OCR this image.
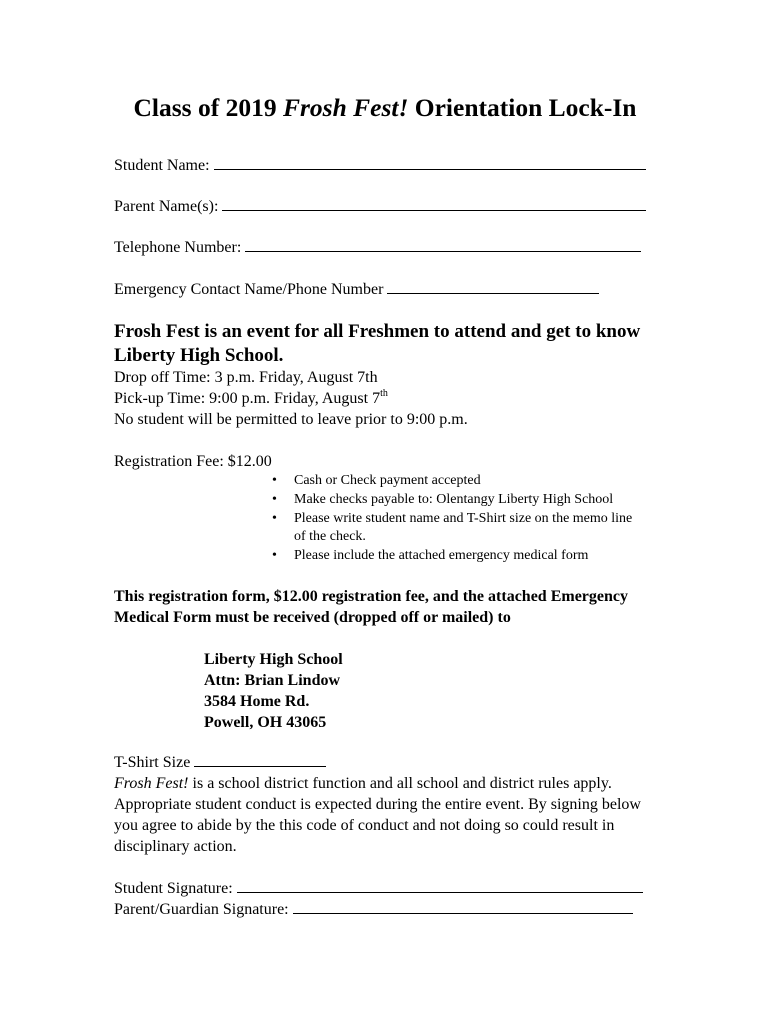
Class of 2019 Frosh Fest! Orientation Lock-In
Student Name:
Parent Name(s):
Telephone Number:
Emergency Contact Name/Phone Number
Frosh Fest is an event for all Freshmen to attend and get to know Liberty High School.
Drop off Time: 3 p.m. Friday, August 7th
Pick-up Time: 9:00 p.m. Friday, August 7th
No student will be permitted to leave prior to 9:00 p.m.
Registration Fee: $12.00
• Cash or Check payment accepted
• Make checks payable to: Olentangy Liberty High School
• Please write student name and T-Shirt size on the memo line of the check.
• Please include the attached emergency medical form
This registration form, $12.00 registration fee, and the attached Emergency Medical Form must be received (dropped off or mailed) to
Liberty High School
Attn: Brian Lindow
3584 Home Rd.
Powell, OH 43065
T-Shirt Size

Frosh Fest! is a school district function and all school and district rules apply. Appropriate student conduct is expected during the entire event. By signing below you agree to abide by the this code of conduct and not doing so could result in disciplinary action.

Student Signature:
Parent/Guardian Signature:
